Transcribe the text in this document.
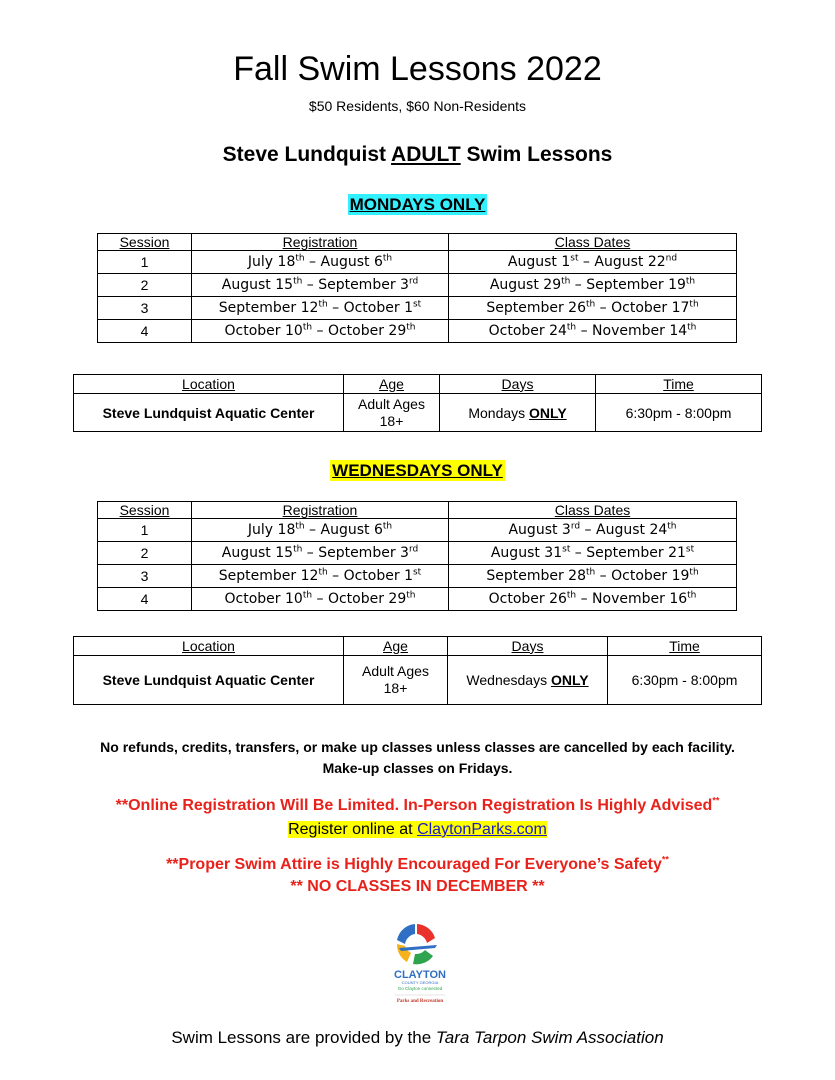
Fall Swim Lessons 2022
$50 Residents, $60 Non-Residents
Steve Lundquist ADULT Swim Lessons
MONDAYS ONLY
Session	Registration	Class Dates
1	July 18th – August 6th	August 1st – August 22nd
2	August 15th – September 3rd	August 29th – September 19th
3	September 12th – October 1st	September 26th – October 17th
4	October 10th – October 29th	October 24th – November 14th
Location	Age	Days	Time
Steve Lundquist Aquatic Center	Adult Ages 18+	Mondays ONLY	6:30pm - 8:00pm
WEDNESDAYS ONLY
Session	Registration	Class Dates
1	July 18th – August 6th	August 3rd – August 24th
2	August 15th – September 3rd	August 31st – September 21st
3	September 12th – October 1st	September 28th – October 19th
4	October 10th – October 29th	October 26th – November 16th
Location	Age	Days	Time
Steve Lundquist Aquatic Center	Adult Ages 18+	Wednesdays ONLY	6:30pm - 8:00pm
No refunds, credits, transfers, or make up classes unless classes are cancelled by each facility.
Make-up classes on Fridays.
**Online Registration Will Be Limited. In-Person Registration Is Highly Advised**
Register online at ClaytonParks.com
**Proper Swim Attire is Highly Encouraged For Everyone’s Safety**
** NO CLASSES IN DECEMBER **
CLAYTON
COUNTY GEORGIA
Go Clayton connected
Parks and Recreation
Swim Lessons are provided by the Tara Tarpon Swim Association
